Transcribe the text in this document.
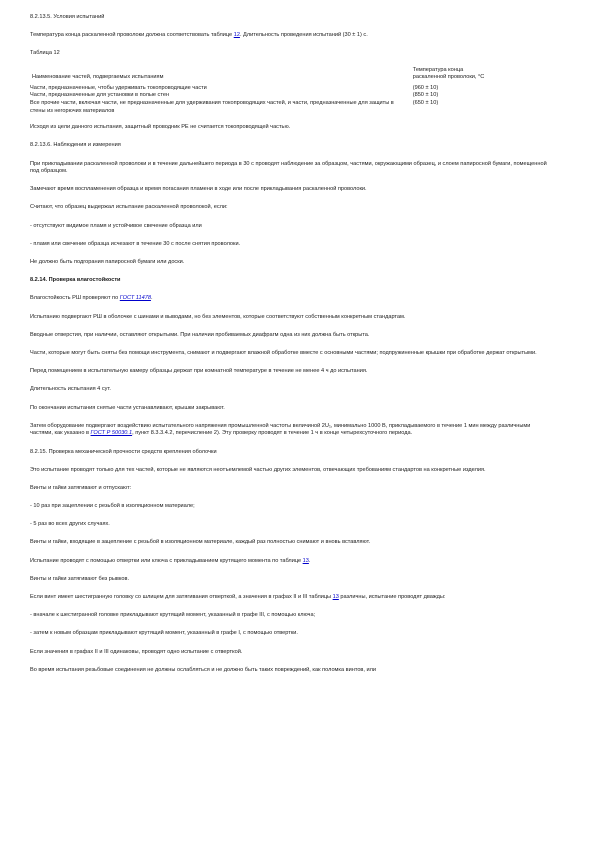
8.2.13.5. Условия испытаний

Температура конца раскаленной проволоки должна соответствовать таблице 12. Длительность проведения испытаний (30 ± 1) с.

Таблица 12

Наименование частей, подвергаемых испытаниям	Температура конца раскаленной проволоки, °С
Части, предназначенные, чтобы удерживать токопроводящие части	(960 ± 10)
Части, предназначенные для установки в полые стен	(850 ± 10)
Все прочие части, включая части, не предназначенные для удерживания токопроводящих частей, и части, предназначенные для защиты в стены из негорючих материалов	(650 ± 10)

Исходя из цели данного испытания, защитный проводник PE не считается токопроводящей частью.

8.2.13.6. Наблюдения и измерения

При прикладывании раскаленной проволоки и в течение дальнейшего периода в 30 с проводят наблюдение за образцом, частями, окружающими образец, и слоем папиросной бумаги, помещенной под образцом.

Замечают время воспламенения образца и время погасания пламени в ходе или после прикладывания раскаленной проволоки.

Считают, что образец выдержал испытание раскаленной проволокой, если:

- отсутствуют видимое пламя и устойчивое свечение образца или

- пламя или свечение образца исчезают в течение 30 с после снятия проволоки.

Не должно быть подгорания папиросной бумаги или доски.

8.2.14. Проверка влагостойкости

Влагостойкость РШ проверяют по ГОСТ 11478.

Испытанию подвергают РШ в оболочке с шинами и выводами, но без элементов, которые соответствуют собственным конкретным стандартам.

Вводные отверстия, при наличии, оставляют открытыми. При наличии пробиваемых диафрагм одна из них должна быть открыта.

Части, которые могут быть сняты без помощи инструмента, снимают и подвергают влажной обработке вместе с основными частями; подпружиненные крышки при обработке держат открытыми.

Перед помещением в испытательную камеру образцы держат при комнатной температуре в течение не менее 4 ч до испытания.

Длительность испытания 4 сут.

По окончании испытания снятые части устанавливают, крышки закрывают.

Затем оборудование подвергают воздействию испытательного напряжения промышленной частоты величиной 2U₁, минимально 1000 В, прикладываемого в течение 1 мин между различными частями, как указано в ГОСТ Р 50030.1, пункт 8.3.3.4.2, перечисление 2). Эту проверку проводят в течение 1 ч в конце четырехсуточного периода.

8.2.15. Проверка механической прочности средств крепления оболочки

Это испытание проводят только для тех частей, которые не являются неотъемлемой частью других элементов, отвечающих требованиям стандартов на конкретные изделия.

Винты и гайки затягивают и отпускают:

- 10 раз при зацеплении с резьбой в изоляционном материале;

- 5 раз во всех других случаях.

Винты и гайки, входящие в зацепление с резьбой в изоляционном материале, каждый раз полностью снимают и вновь вставляют.

Испытание проводят с помощью отвертки или ключа с прикладыванием крутящего момента по таблице 13.

Винты и гайки затягивают без рывков.

Если винт имеет шестигранную головку со шлицем для затягивания отверткой, а значения в графах II и III таблицы 13 различны, испытание проводят дважды:

- вначале к шестигранной головке прикладывают крутящий момент, указанный в графе III, с помощью ключа;

- затем к новым образцам прикладывают крутящий момент, указанный в графе I, с помощью отвертки.

Если значения в графах II и III одинаковы, проводят одно испытание с отверткой.

Во время испытания резьбовые соединения не должны ослабляться и не должно быть таких повреждений, как поломка винтов, или
